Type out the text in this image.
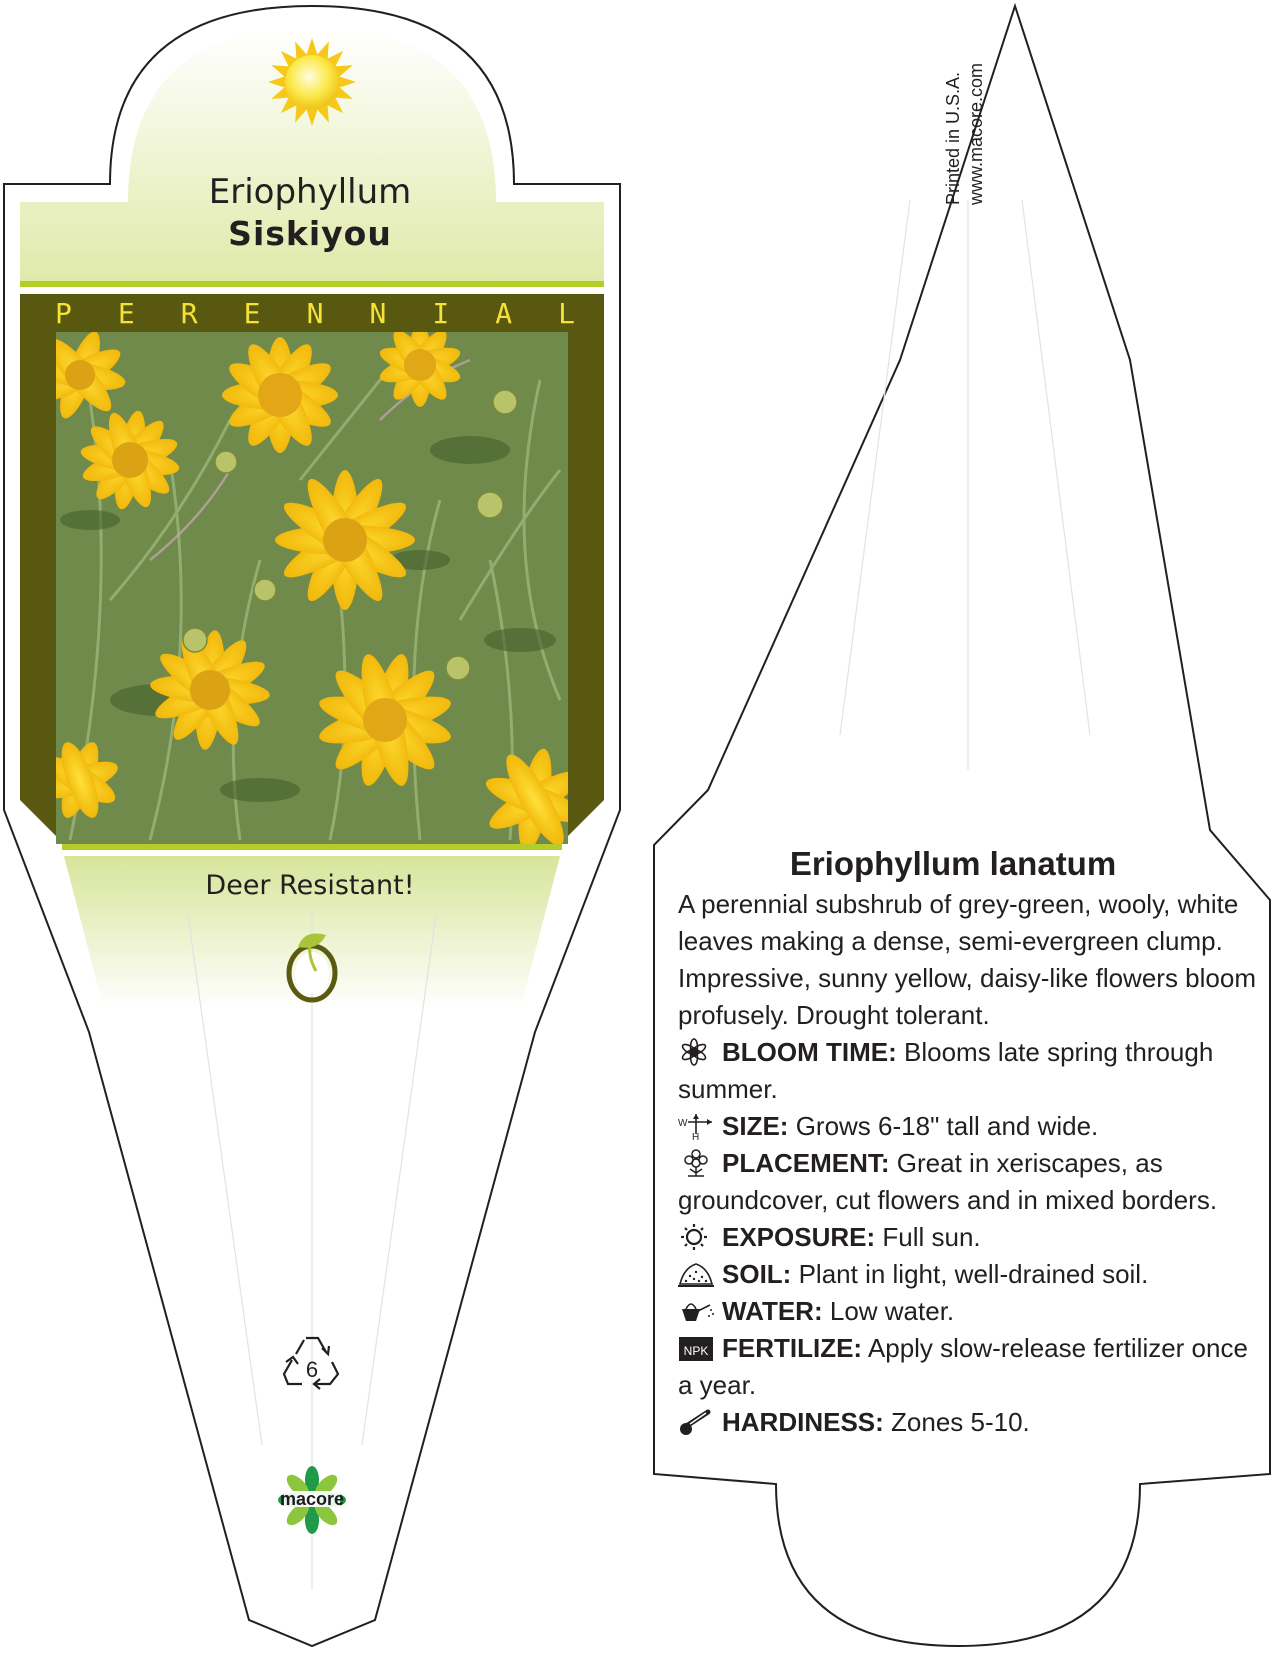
Eriophyllum
Siskiyou
P E R E N N I A L
Deer Resistant!
6
macore
Printed in U.S.A. www.macore.com
Eriophyllum lanatum
A perennial subshrub of grey-green, wooly, white leaves making a dense, semi-evergreen clump. Impressive, sunny yellow, daisy-like flowers bloom profusely. Drought tolerant.
BLOOM TIME: Blooms late spring through summer.
W
H SIZE: Grows 6-18" tall and wide.
PLACEMENT: Great in xeriscapes, as groundcover, cut flowers and in mixed borders.
EXPOSURE: Full sun.
SOIL: Plant in light, well-drained soil.
WATER: Low water.
NPK FERTILIZE: Apply slow-release fertilizer once a year.
HARDINESS: Zones 5-10.
